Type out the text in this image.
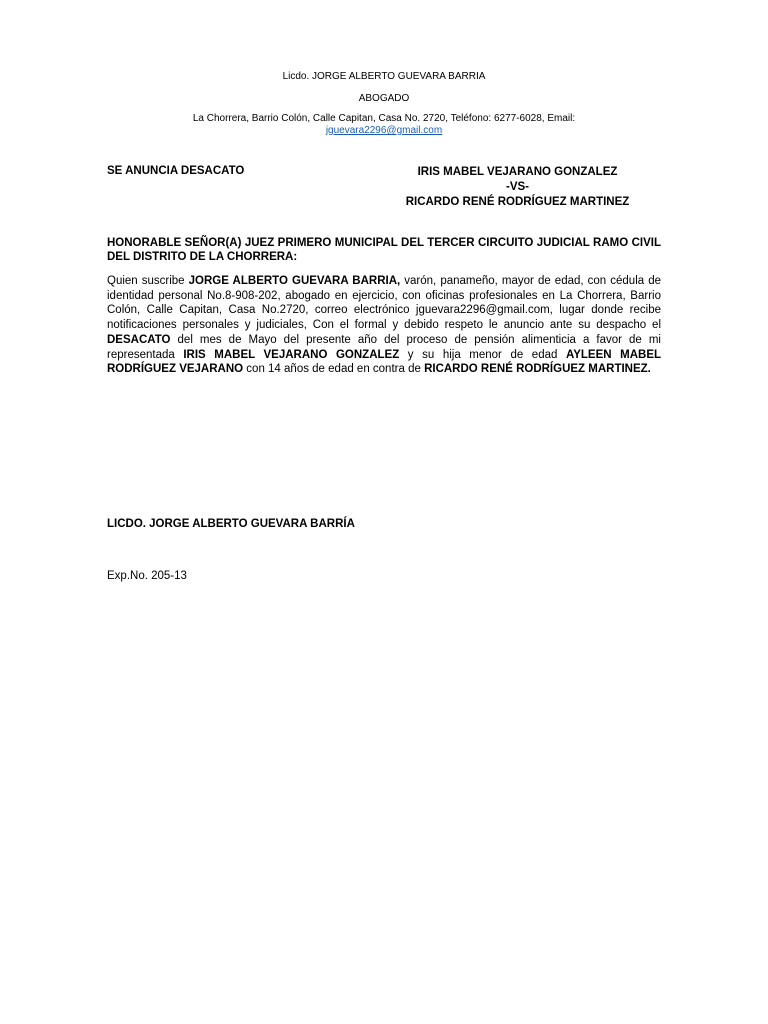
Licdo. JORGE ALBERTO GUEVARA BARRIA
ABOGADO
La Chorrera, Barrio Colón, Calle Capitan, Casa No. 2720, Teléfono: 6277-6028, Email:
jguevara2296@gmail.com
SE ANUNCIA DESACATO	IRIS MABEL VEJARANO GONZALEZ
-VS-
RICARDO RENÉ RODRÍGUEZ MARTINEZ
HONORABLE SEÑOR(A) JUEZ PRIMERO MUNICIPAL DEL TERCER CIRCUITO JUDICIAL RAMO CIVIL DEL DISTRITO DE LA CHORRERA:
Quien suscribe JORGE ALBERTO GUEVARA BARRIA, varón, panameño, mayor de edad, con cédula de identidad personal No.8-908-202, abogado en ejercicio, con oficinas profesionales en La Chorrera, Barrio Colón, Calle Capitan, Casa No.2720, correo electrónico jguevara2296@gmail.com, lugar donde recibe notificaciones personales y judiciales, Con el formal y debido respeto le anuncio ante su despacho el DESACATO del mes de Mayo del presente año del proceso de pensión alimenticia a favor de mi representada IRIS MABEL VEJARANO GONZALEZ y su hija menor de edad AYLEEN MABEL RODRÍGUEZ VEJARANO con 14 años de edad en contra de RICARDO RENÉ RODRÍGUEZ MARTINEZ.
LICDO. JORGE ALBERTO GUEVARA BARRÍA
Exp.No. 205-13
